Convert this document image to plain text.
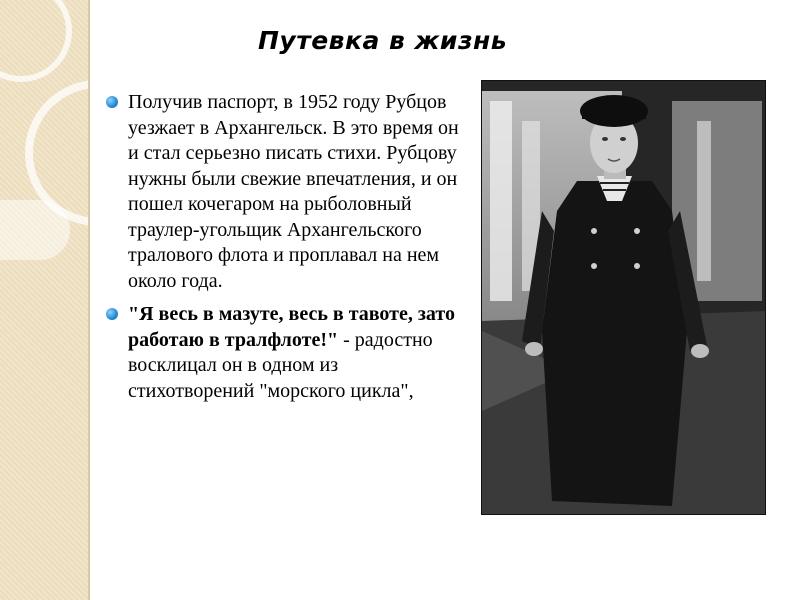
Путевка в жизнь
Получив паспорт, в 1952 году Рубцов уезжает в Архангельск. В это время он и стал серьезно писать стихи. Рубцову нужны были свежие впечатления, и он пошел кочегаром на рыболовный траулер-угольщик Архангельского тралового флота и проплавал на нем около года.
"Я весь в мазуте, весь в тавоте, зато работаю в тралфлоте!" - радостно восклицал он в одном из стихотворений "морского цикла",
